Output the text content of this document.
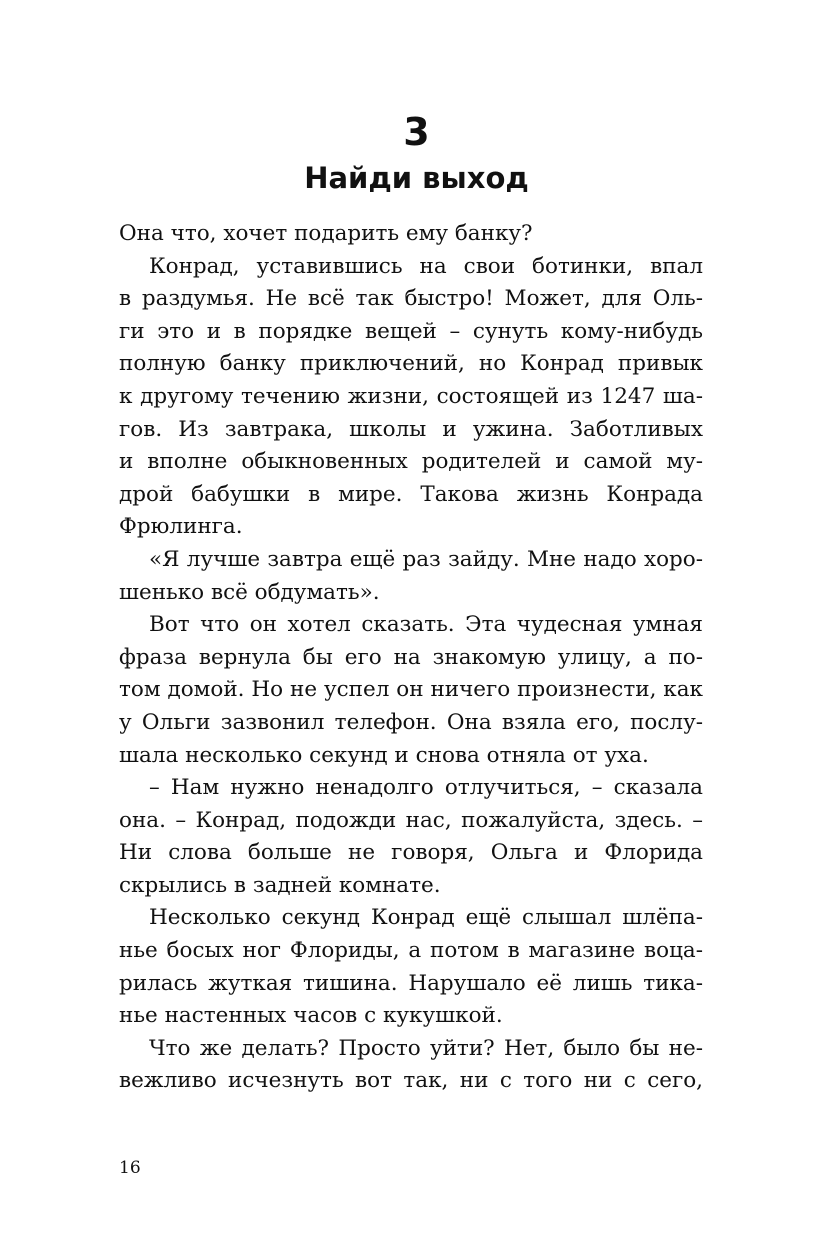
3
Найди выход
Она что, хочет подарить ему банку?
Конрад, уставившись на свои ботинки, впал
в раздумья. Не всё так быстро! Может, для Оль-
ги это и в порядке вещей – сунуть кому-нибудь
полную банку приключений, но Конрад привык
к другому течению жизни, состоящей из 1247 ша-
гов. Из завтрака, школы и ужина. Заботливых
и вполне обыкновенных родителей и самой му-
дрой бабушки в мире. Такова жизнь Конрада
Фрюлинга.
«Я лучше завтра ещё раз зайду. Мне надо хоро-
шенько всё обдумать».
Вот что он хотел сказать. Эта чудесная умная
фраза вернула бы его на знакомую улицу, а по-
том домой. Но не успел он ничего произнести, как
у Ольги зазвонил телефон. Она взяла его, послу-
шала несколько секунд и снова отняла от уха.
– Нам нужно ненадолго отлучиться, – сказала
она. – Конрад, подожди нас, пожалуйста, здесь. –
Ни слова больше не говоря, Ольга и Флорида
скрылись в задней комнате.
Несколько секунд Конрад ещё слышал шлёпа-
нье босых ног Флориды, а потом в магазине воца-
рилась жуткая тишина. Нарушало её лишь тика-
нье настенных часов с кукушкой.
Что же делать? Просто уйти? Нет, было бы не-
вежливо исчезнуть вот так, ни с того ни с сего,
16
